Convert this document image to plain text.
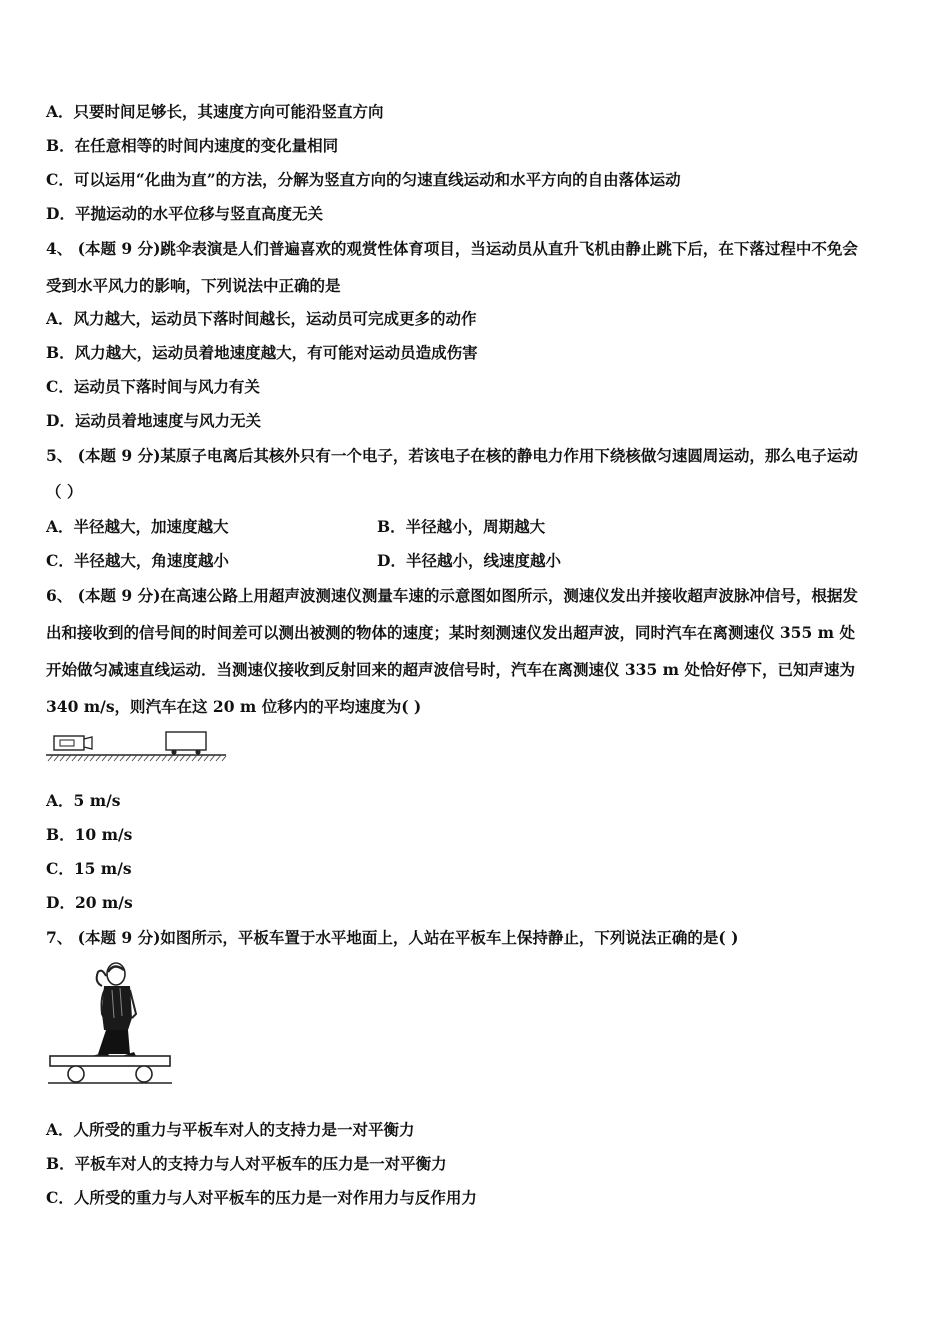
A．只要时间足够长，其速度方向可能沿竖直方向
B．在任意相等的时间内速度的变化量相同
C．可以运用“化曲为直”的方法，分解为竖直方向的匀速直线运动和水平方向的自由落体运动
D．平抛运动的水平位移与竖直高度无关
4、 (本题 9 分)跳伞表演是人们普遍喜欢的观赏性体育项目，当运动员从直升飞机由静止跳下后，在下落过程中不免会
受到水平风力的影响，下列说法中正确的是
A．风力越大，运动员下落时间越长，运动员可完成更多的动作
B．风力越大，运动员着地速度越大，有可能对运动员造成伤害
C．运动员下落时间与风力有关
D．运动员着地速度与风力无关
5、 (本题 9 分)某原子电离后其核外只有一个电子，若该电子在核的静电力作用下绕核做匀速圆周运动，那么电子运动
（ ）
A．半径越大，加速度越大	B．半径越小，周期越大
C．半径越大，角速度越小	D．半径越小，线速度越小
6、 (本题 9 分)在高速公路上用超声波测速仪测量车速的示意图如图所示，测速仪发出并接收超声波脉冲信号，根据发
出和接收到的信号间的时间差可以测出被测的物体的速度；某时刻测速仪发出超声波，同时汽车在离测速仪 355 m 处
开始做匀减速直线运动．当测速仪接收到反射回来的超声波信号时，汽车在离测速仪 335 m 处恰好停下，已知声速为
340 m/s，则汽车在这 20 m 位移内的平均速度为( )
A．5 m/s
B．10 m/s
C．15 m/s
D．20 m/s
7、 (本题 9 分)如图所示，平板车置于水平地面上，人站在平板车上保持静止，下列说法正确的是( )
A．人所受的重力与平板车对人的支持力是一对平衡力
B．平板车对人的支持力与人对平板车的压力是一对平衡力
C．人所受的重力与人对平板车的压力是一对作用力与反作用力
